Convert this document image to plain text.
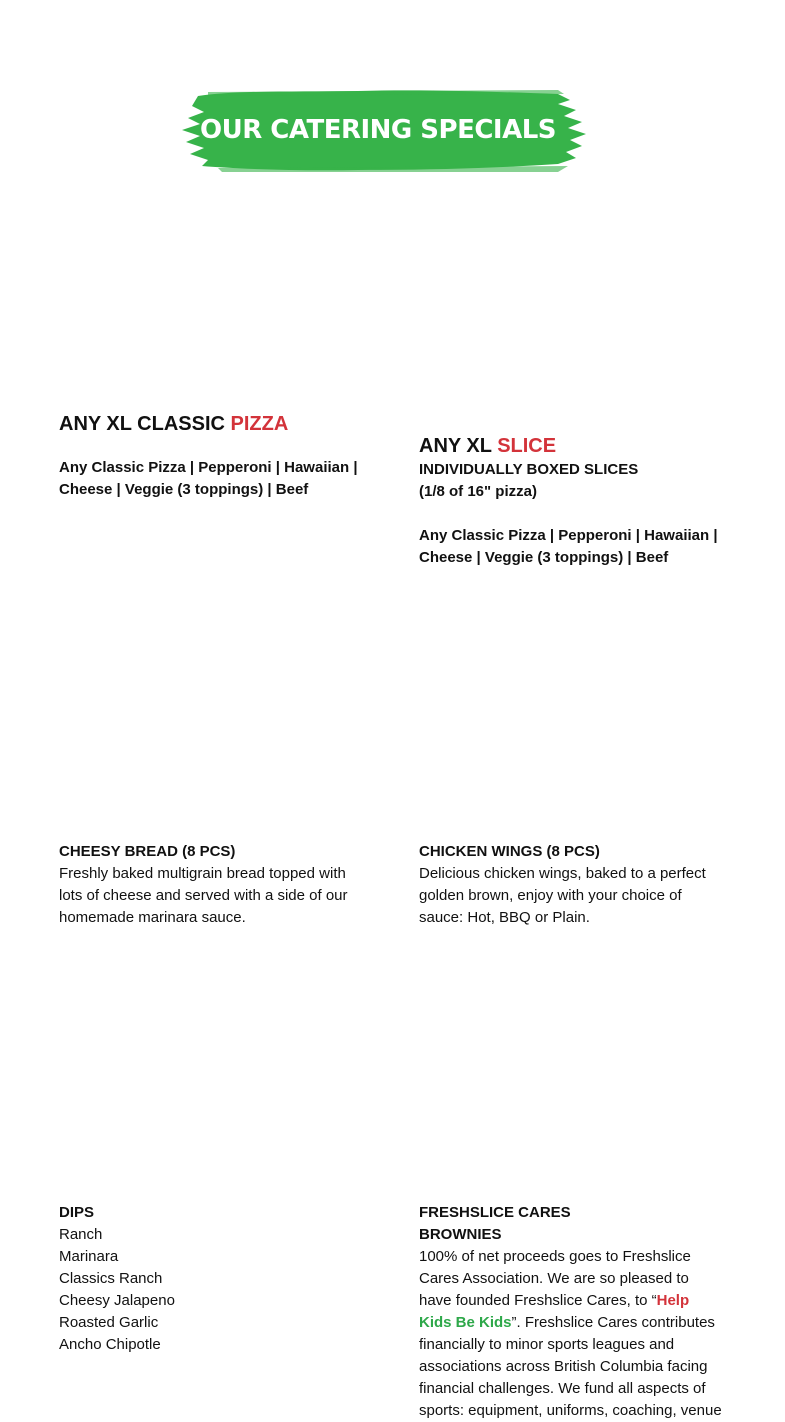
OUR CATERING SPECIALS
ANY XL CLASSIC PIZZA

Any Classic Pizza | Pepperoni | Hawaiian |

Cheese | Veggie (3 toppings) | Beef

ANY XL SLICE

INDIVIDUALLY BOXED SLICES

(1/8 of 16" pizza)

Any Classic Pizza | Pepperoni | Hawaiian |

Cheese | Veggie (3 toppings) | Beef

CHEESY BREAD (8 PCS)

Freshly baked multigrain bread topped with lots of cheese and served with a side of our homemade marinara sauce.

CHICKEN WINGS (8 PCS)

Delicious chicken wings, baked to a perfect golden brown, enjoy with your choice of sauce: Hot, BBQ or Plain.

DIPS

Ranch

Marinara

Classics Ranch

Cheesy Jalapeno

Roasted Garlic

Ancho Chipotle

FRESHSLICE CARES

BROWNIES

100% of net proceeds goes to Freshslice Cares Association. We are so pleased to have founded Freshslice Cares, to “Help
Kids Be Kids”. Freshslice Cares contributes financially to minor sports leagues and associations across British Columbia facing financial challenges. We fund all aspects of sports: equipment, uniforms, coaching, venue
